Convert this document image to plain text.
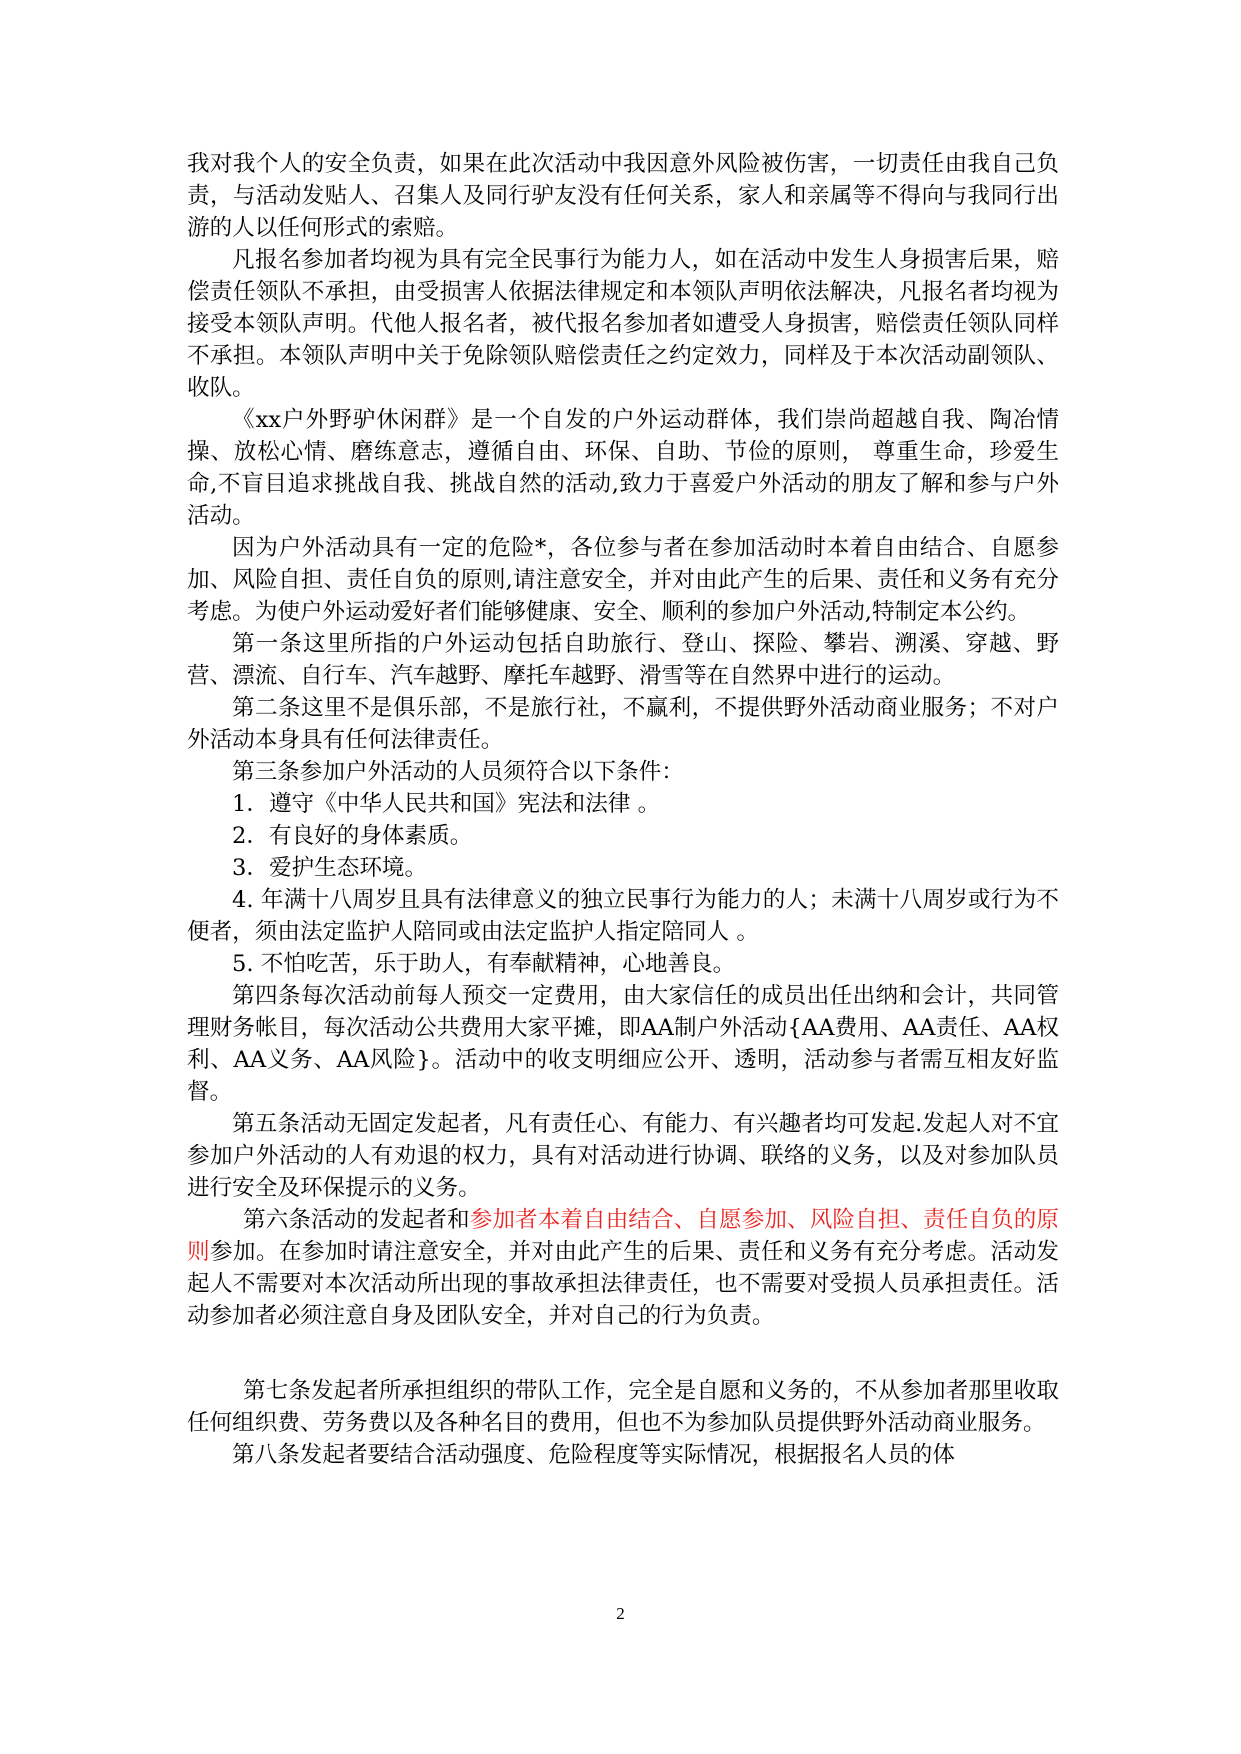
我对我个人的安全负责，如果在此次活动中我因意外风险被伤害，一切责任由我自己负责，与活动发贴人、召集人及同行驴友没有任何关系，家人和亲属等不得向与我同行出游的人以任何形式的索赔。

凡报名参加者均视为具有完全民事行为能力人，如在活动中发生人身损害后果，赔偿责任领队不承担，由受损害人依据法律规定和本领队声明依法解决，凡报名者均视为接受本领队声明。代他人报名者，被代报名参加者如遭受人身损害，赔偿责任领队同样不承担。本领队声明中关于免除领队赔偿责任之约定效力，同样及于本次活动副领队、收队。

《xx户外野驴休闲群》是一个自发的户外运动群体，我们崇尚超越自我、陶冶情操、放松心情、磨练意志，遵循自由、环保、自助、节俭的原则， 尊重生命，珍爱生命,不盲目追求挑战自我、挑战自然的活动,致力于喜爱户外活动的朋友了解和参与户外活动。

因为户外活动具有一定的危险*，各位参与者在参加活动时本着自由结合、自愿参加、风险自担、责任自负的原则,请注意安全，并对由此产生的后果、责任和义务有充分考虑。为使户外运动爱好者们能够健康、安全、顺利的参加户外活动,特制定本公约。

第一条这里所指的户外运动包括自助旅行、登山、探险、攀岩、溯溪、穿越、野营、漂流、自行车、汽车越野、摩托车越野、滑雪等在自然界中进行的运动。

第二条这里不是俱乐部，不是旅行社，不赢利，不提供野外活动商业服务；不对户外活动本身具有任何法律责任。

第三条参加户外活动的人员须符合以下条件：

1．遵守《中华人民共和国》宪法和法律 。

2．有良好的身体素质。

3．爱护生态环境。

4. 年满十八周岁且具有法律意义的独立民事行为能力的人；未满十八周岁或行为不便者，须由法定监护人陪同或由法定监护人指定陪同人 。

5. 不怕吃苦，乐于助人，有奉献精神，心地善良。

第四条每次活动前每人预交一定费用，由大家信任的成员出任出纳和会计，共同管理财务帐目，每次活动公共费用大家平摊，即AA制户外活动{AA费用、AA责任、AA权利、AA义务、AA风险}。活动中的收支明细应公开、透明，活动参与者需互相友好监督。

第五条活动无固定发起者，凡有责任心、有能力、有兴趣者均可发起.发起人对不宜参加户外活动的人有劝退的权力，具有对活动进行协调、联络的义务，以及对参加队员进行安全及环保提示的义务。

第六条活动的发起者和参加者本着自由结合、自愿参加、风险自担、责任自负的原则参加。在参加时请注意安全，并对由此产生的后果、责任和义务有充分考虑。活动发起人不需要对本次活动所出现的事故承担法律责任，也不需要对受损人员承担责任。活动参加者必须注意自身及团队安全，并对自己的行为负责。

第七条发起者所承担组织的带队工作，完全是自愿和义务的，不从参加者那里收取任何组织费、劳务费以及各种名目的费用，但也不为参加队员提供野外活动商业服务。

第八条发起者要结合活动强度、危险程度等实际情况，根据报名人员的体

2
